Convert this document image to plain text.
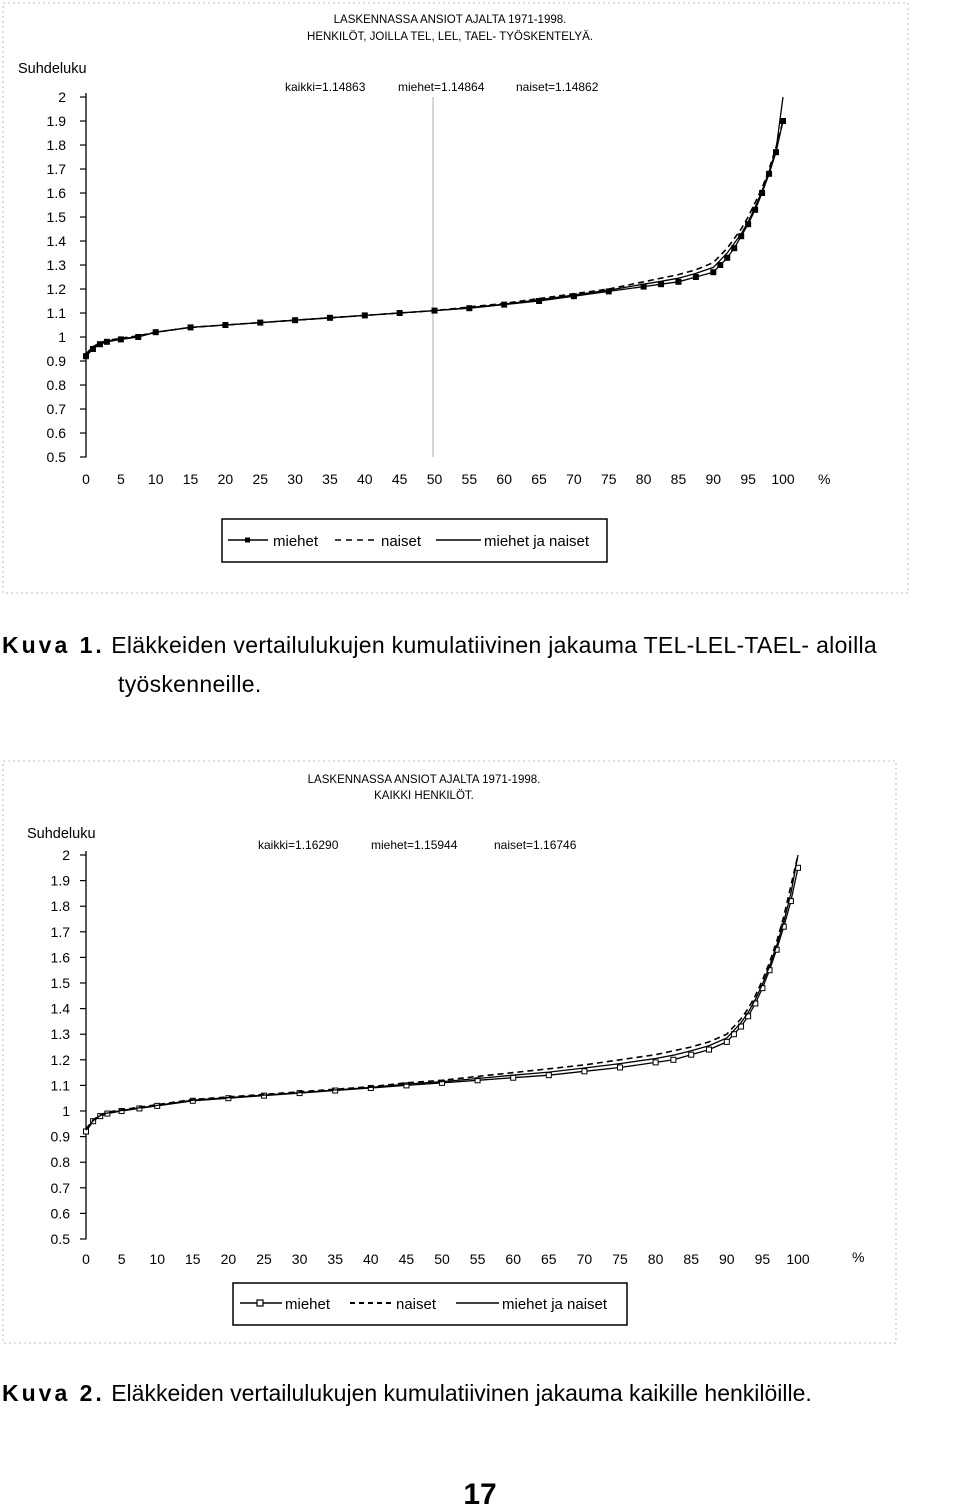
LASKENNASSA ANSIOT AJALTA 1971-1998.
HENKILÖT, JOILLA TEL, LEL, TAEL- TYÖSKENTELYÄ.
Suhdeluku
kaikki=1.14863	miehet=1.14864	naiset=1.14862
%
2
1.9
1.8
1.7
1.6
1.5
1.4
1.3
1.2
1.1
1
0.9
0.8
0.7
0.6
0.5
0 5 10 15 20 25 30 35 40 45 50 55 60 65 70 75 80 85 90 95 100
miehet	naiset	miehet ja naiset
Kuva 1. Eläkkeiden vertailulukujen kumulatiivinen jakauma TEL-LEL-TAEL- aloilla
työskenneille.
LASKENNASSA ANSIOT AJALTA 1971-1998.
KAIKKI HENKILÖT.
Suhdeluku
kaikki=1.16290	miehet=1.15944	naiset=1.16746
%
2
1.9
1.8
1.7
1.6
1.5
1.4
1.3
1.2
1.1
1
0.9
0.8
0.7
0.6
0.5
0 5 10 15 20 25 30 35 40 45 50 55 60 65 70 75 80 85 90 95 100
miehet	naiset	miehet ja naiset
Kuva 2. Eläkkeiden vertailulukujen kumulatiivinen jakauma kaikille henkilöille.
17
